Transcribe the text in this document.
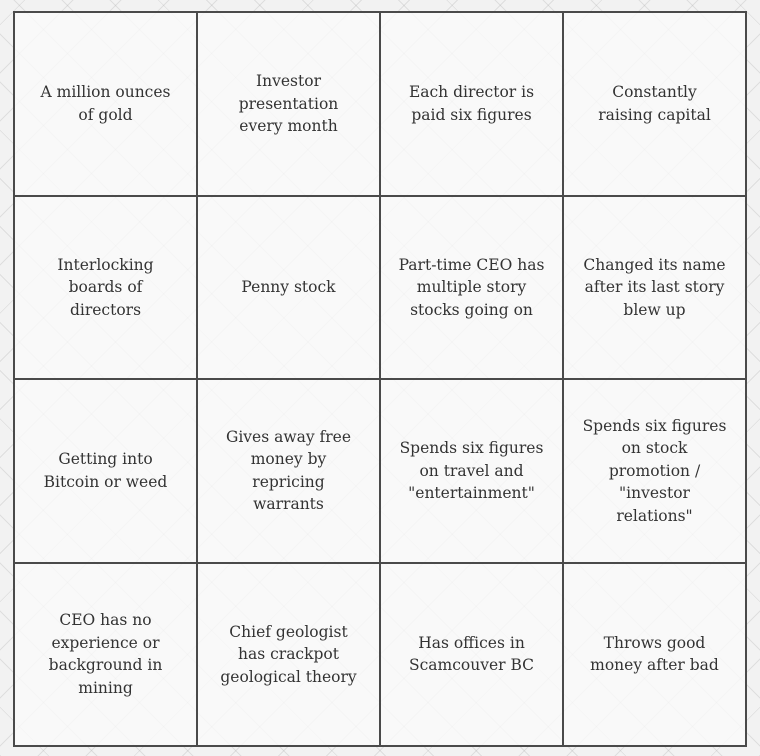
A million ounces of gold
Investor presentation every month
Each director is paid six figures
Constantly raising capital
Interlocking boards of directors
Penny stock
Part-time CEO has multiple story stocks going on
Changed its name after its last story blew up
Getting into Bitcoin or weed
Gives away free money by repricing warrants
Spends six figures on travel and "entertainment"
Spends six figures on stock promotion / "investor relations"
CEO has no experience or background in mining
Chief geologist has crackpot geological theory
Has offices in Scamcouver BC
Throws good money after bad
